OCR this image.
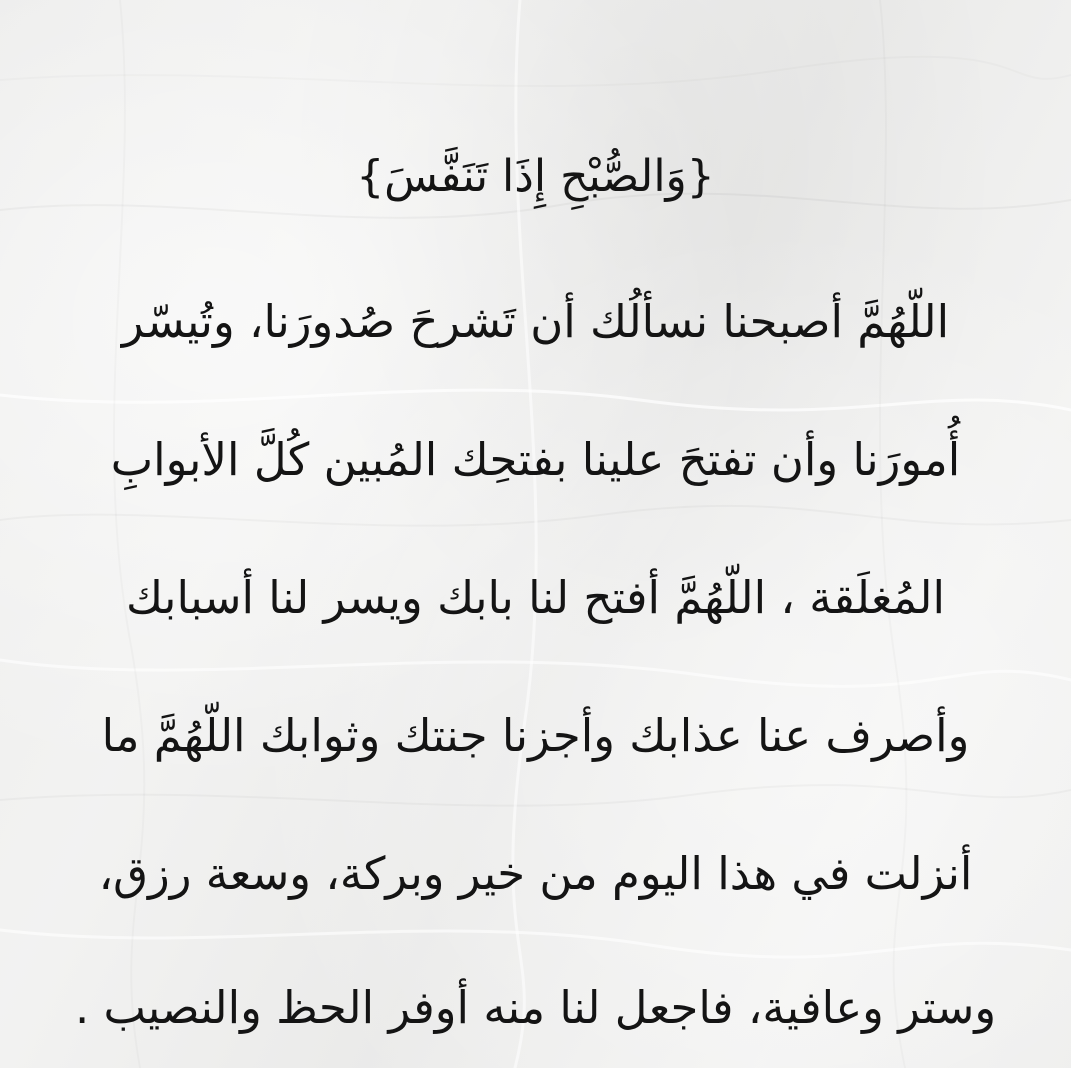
{وَالصُّبْحِ إِذَا تَنَفَّسَ}
اللّهُمَّ أصبحنا نسألُك أن تَشرحَ صُدورَنا، وتُيسّر
أُمورَنا وأن تفتحَ علينا بفتحِك المُبين كُلَّ الأبوابِ
المُغلَقة ، اللّهُمَّ أفتح لنا بابك ويسر لنا أسبابك
وأصرف عنا عذابك وأجزنا جنتك وثوابك اللّهُمَّ ما
أنزلت في هذا اليوم من خير وبركة، وسعة رزق،
وستر وعافية، فاجعل لنا منه أوفر الحظ والنصيب .
